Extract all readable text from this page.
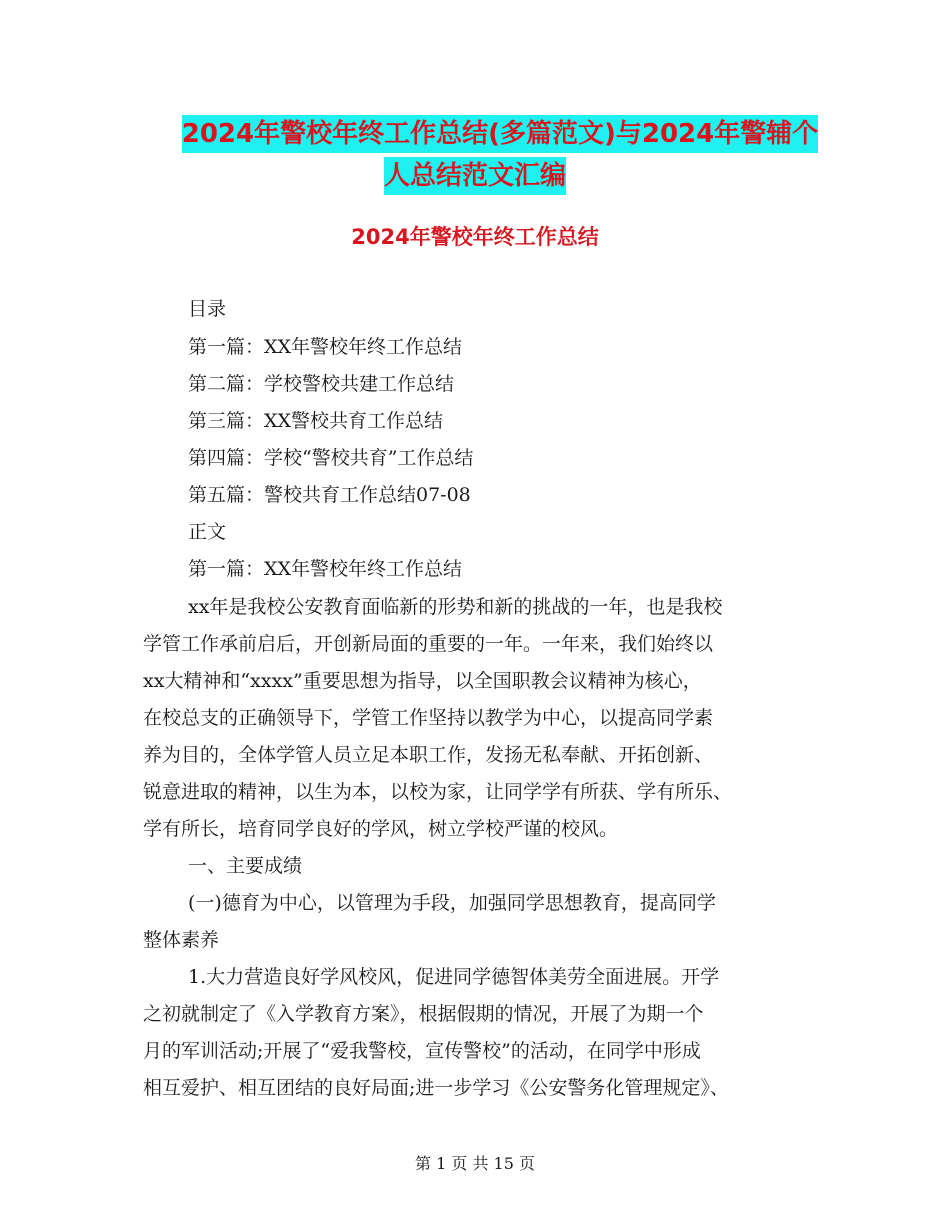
2024年警校年终工作总结(多篇范文)与2024年警辅个
人总结范文汇编
2024年警校年终工作总结
目录
第一篇：XX年警校年终工作总结
第二篇：学校警校共建工作总结
第三篇：XX警校共育工作总结
第四篇：学校“警校共育”工作总结
第五篇：警校共育工作总结07-08
正文
第一篇：XX年警校年终工作总结
xx年是我校公安教育面临新的形势和新的挑战的一年，也是我校
学管工作承前启后，开创新局面的重要的一年。一年来，我们始终以
xx大精神和“xxxx”重要思想为指导，以全国职教会议精神为核心，
在校总支的正确领导下，学管工作坚持以教学为中心，以提高同学素
养为目的，全体学管人员立足本职工作，发扬无私奉献、开拓创新、
锐意进取的精神，以生为本，以校为家，让同学学有所获、学有所乐、
学有所长，培育同学良好的学风，树立学校严谨的校风。
一、主要成绩
(一)德育为中心，以管理为手段，加强同学思想教育，提高同学
整体素养
1.大力营造良好学风校风，促进同学德智体美劳全面进展。开学
之初就制定了《入学教育方案》，根据假期的情况，开展了为期一个
月的军训活动;开展了“爱我警校，宣传警校”的活动，在同学中形成
相互爱护、相互团结的良好局面;进一步学习《公安警务化管理规定》、
第 1 页 共 15 页
